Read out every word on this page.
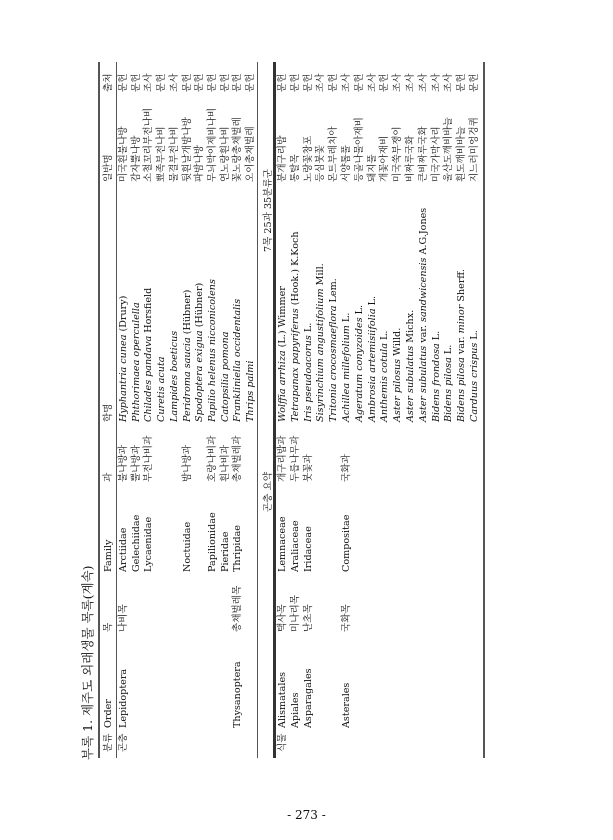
부록 1. 제주도 외래생물 목록(계속)
곤충 요약
7목 25과 35분류군
분류
Order
목
Family
과
학명
일반명
출처
곤충
Lepidoptera
나비목
Arctiidae
불나방과
Hyphantria cunea (Drury)
미국흰불나방
문헌
Gelechiidae
뿔나방과
Phthorimaea operculella
감자뿔나방
문헌
Lycaenidae
부전나비과
Chilades pandava Horsfield
소철꼬리부전나비
조사
Curetis acuta
뾰족부전나비
문헌
Lampides boeticus
물결부전나비
조사
Noctuidae
밤나방과
Peridroma saucia (Hübner)
뒷흰날개밤나방
문헌
Spodoptera exigua (Hübner)
파밤나방
문헌
Papilionidae
호랑나비과
Papilio helenus nicconicolens
무늬박이제비나비
문헌
Pieridae
흰나비과
Catopsilia pomona
연노랑흰나비
문헌
Thysanoptera
총채벌레목
Thripidae
총채벌레과
Frankliniella occidentalis
꽃노랑총채벌레
문헌
Thrips palmi
오이총채벌레
문헌
식물
Alismatales
택사목
Lemnaceae
개구리밥과
Wolffia arrhiza (L.) Wimmer
분개구리밥
문헌
Apiales
미나리목
Araliaceae
두릅나무과
Tetrapanax papyriferus (Hook.) K.Koch
통탈목
문헌
Asparagales
난초목
Iridaceae
붓꽃과
Iris pseudoacorus L.
노랑꽃창포
문헌
Sisyrinchium angustifolium Mill.
등심붓꽃
조사
Tritonia crocosmaeflora Lem.
몬트부레치아
문헌
Asterales
국화목
Compositae
국화과
Achillea millefolium L.
서양톱풀
조사
Ageratum conyzoides L.
등골나물아재비
문헌
Ambrosia artemisiifolia L.
돼지풀
조사
Anthemis cotula L.
개꽃아재비
문헌
Aster pilosus Willd.
미국쑥부쟁이
조사
Aster subulatus Michx.
비짜루국화
조사
Aster subulatus var. sandwicensis A.G.Jones
큰비짜루국화
조사
Bidens frondosa L.
미국가막사리
조사
Bidens pilosa L.
울산도깨비바늘
조사
Bidens pilosa var. minor Sherff.
흰도깨비바늘
문헌
Carduus crispus L.
지느러미엉겅퀴
문헌
- 273 -
